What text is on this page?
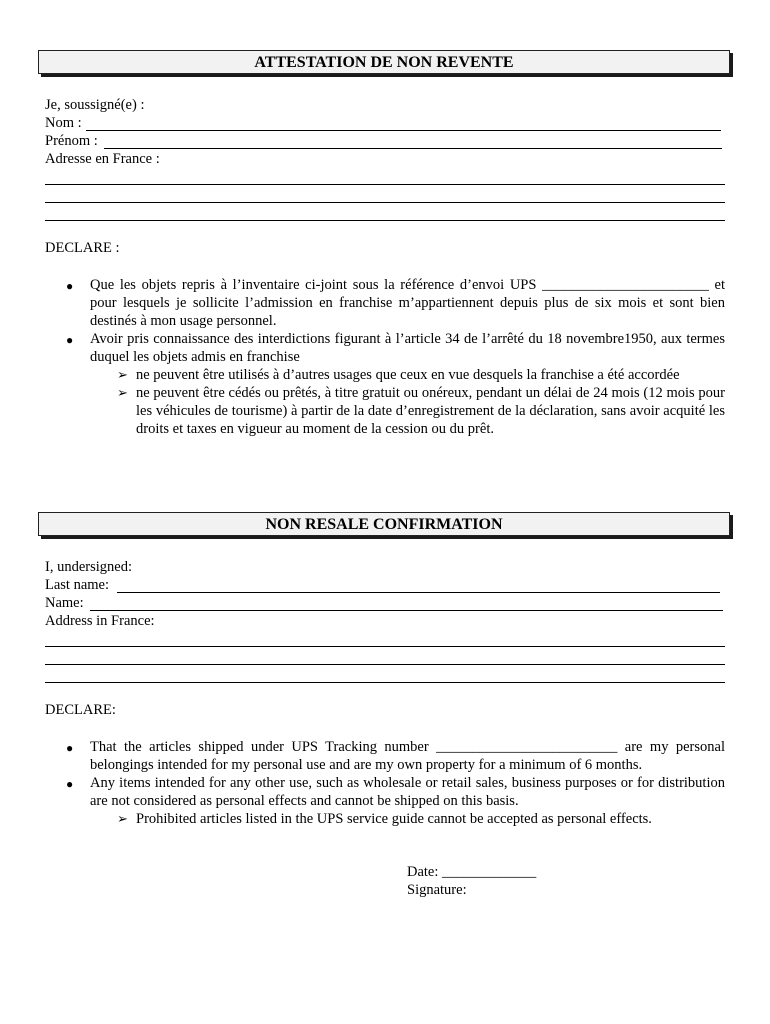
ATTESTATION DE NON REVENTE
Je, soussigné(e) :
Nom :
Prénom :
Adresse en France :
DECLARE :
● Que les objets repris à l’inventaire ci-joint sous la référence d’envoi UPS _______________________ et pour lesquels je sollicite l’admission en franchise m’appartiennent depuis plus de six mois et sont bien destinés à mon usage personnel.
● Avoir pris connaissance des interdictions figurant à l’article 34 de l’arrêté du 18 novembre1950, aux termes duquel les objets admis en franchise
➢ ne peuvent être utilisés à d’autres usages que ceux en vue desquels la franchise a été accordée
➢ ne peuvent être cédés ou prêtés, à titre gratuit ou onéreux, pendant un délai de 24 mois (12 mois pour les véhicules de tourisme) à partir de la date d’enregistrement de la déclaration, sans avoir acquité les droits et taxes en vigueur au moment de la cession ou du prêt.
NON RESALE CONFIRMATION
I, undersigned:
Last name:
Name:
Address in France:
DECLARE:
● That the articles shipped under UPS Tracking number _________________________ are my personal belongings intended for my personal use and are my own property for a minimum of 6 months.
● Any items intended for any other use, such as wholesale or retail sales, business purposes or for distribution are not considered as personal effects and cannot be shipped on this basis.
➢ Prohibited articles listed in the UPS service guide cannot be accepted as personal effects.
Date: _____________
Signature:
